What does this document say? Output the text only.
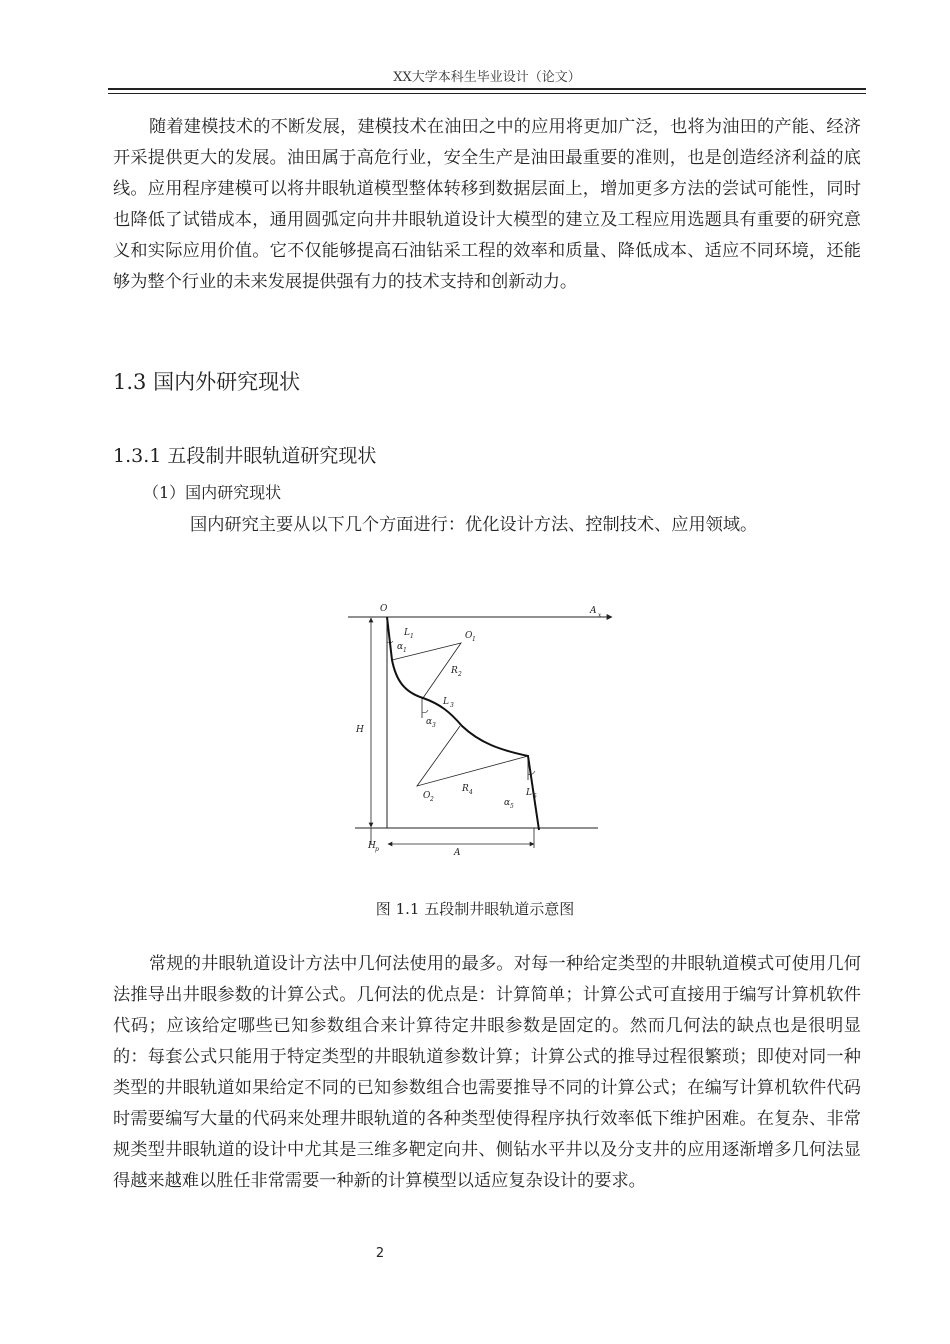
XX大学本科生毕业设计（论文）

随着建模技术的不断发展，建模技术在油田之中的应用将更加广泛，也将为油田的产能、经济开采提供更大的发展。油田属于高危行业，安全生产是油田最重要的准则，也是创造经济利益的底线。应用程序建模可以将井眼轨道模型整体转移到数据层面上，增加更多方法的尝试可能性，同时也降低了试错成本，通用圆弧定向井井眼轨道设计大模型的建立及工程应用选题具有重要的研究意义和实际应用价值。它不仅能够提高石油钻采工程的效率和质量、降低成本、适应不同环境，还能够为整个行业的未来发展提供强有力的技术支持和创新动力。

1.3 国内外研究现状
1.3.1 五段制井眼轨道研究现状

（1）国内研究现状

国内研究主要从以下几个方面进行：优化设计方法、控制技术、应用领域。

O	A x
L 1	O 1
α 1
R 2
L 3
α 3
H
O 2
R 4
α 5
L 5
H p	A

图 1.1 五段制井眼轨道示意图

常规的井眼轨道设计方法中几何法使用的最多。对每一种给定类型的井眼轨道模式可使用几何法推导出井眼参数的计算公式。几何法的优点是：计算简单；计算公式可直接用于编写计算机软件代码；应该给定哪些已知参数组合来计算待定井眼参数是固定的。然而几何法的缺点也是很明显的：每套公式只能用于特定类型的井眼轨道参数计算；计算公式的推导过程很繁琐；即使对同一种类型的井眼轨道如果给定不同的已知参数组合也需要推导不同的计算公式；在编写计算机软件代码时需要编写大量的代码来处理井眼轨道的各种类型使得程序执行效率低下维护困难。在复杂、非常规类型井眼轨道的设计中尤其是三维多靶定向井、侧钻水平井以及分支井的应用逐渐增多几何法显得越来越难以胜任非常需要一种新的计算模型以适应复杂设计的要求。

2
